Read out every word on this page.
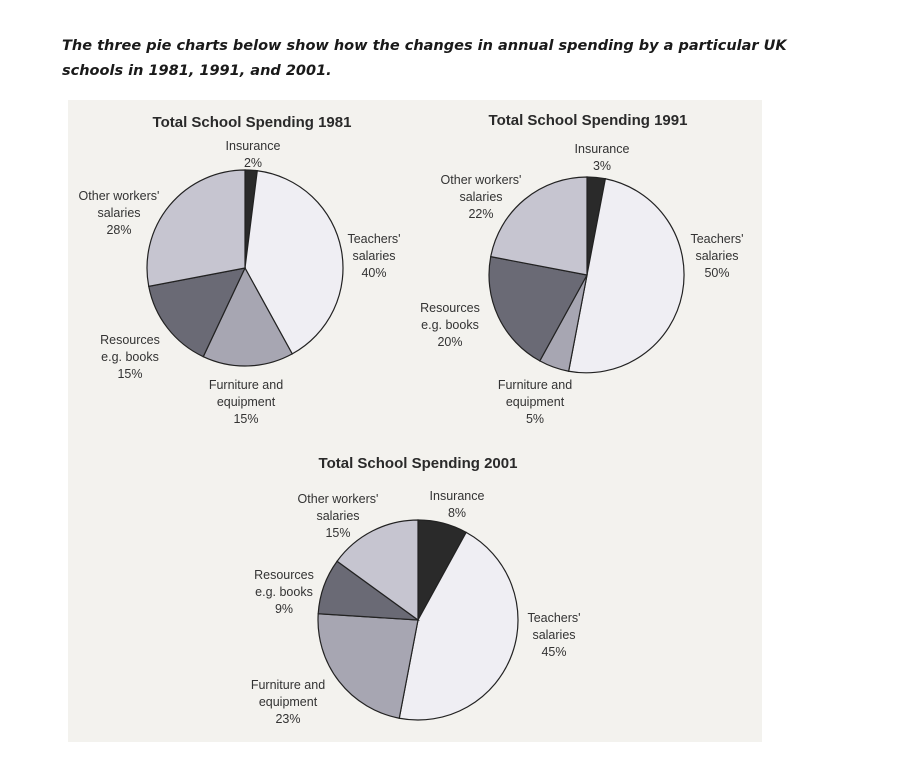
The three pie charts below show how the changes in annual spending by a particular UK schools in 1981, 1991, and 2001.
Total School Spending 1981
Insurance
2%
Teachers'
salaries
40%
Furniture and
equipment
15%
Resources
e.g. books
15%
Other workers'
salaries
28%
Total School Spending 1991
Insurance
3%
Teachers'
salaries
50%
Furniture and
equipment
5%
Resources
e.g. books
20%
Other workers'
salaries
22%
Total School Spending 2001
Insurance
8%
Teachers'
salaries
45%
Furniture and
equipment
23%
Resources
e.g. books
9%
Other workers'
salaries
15%
